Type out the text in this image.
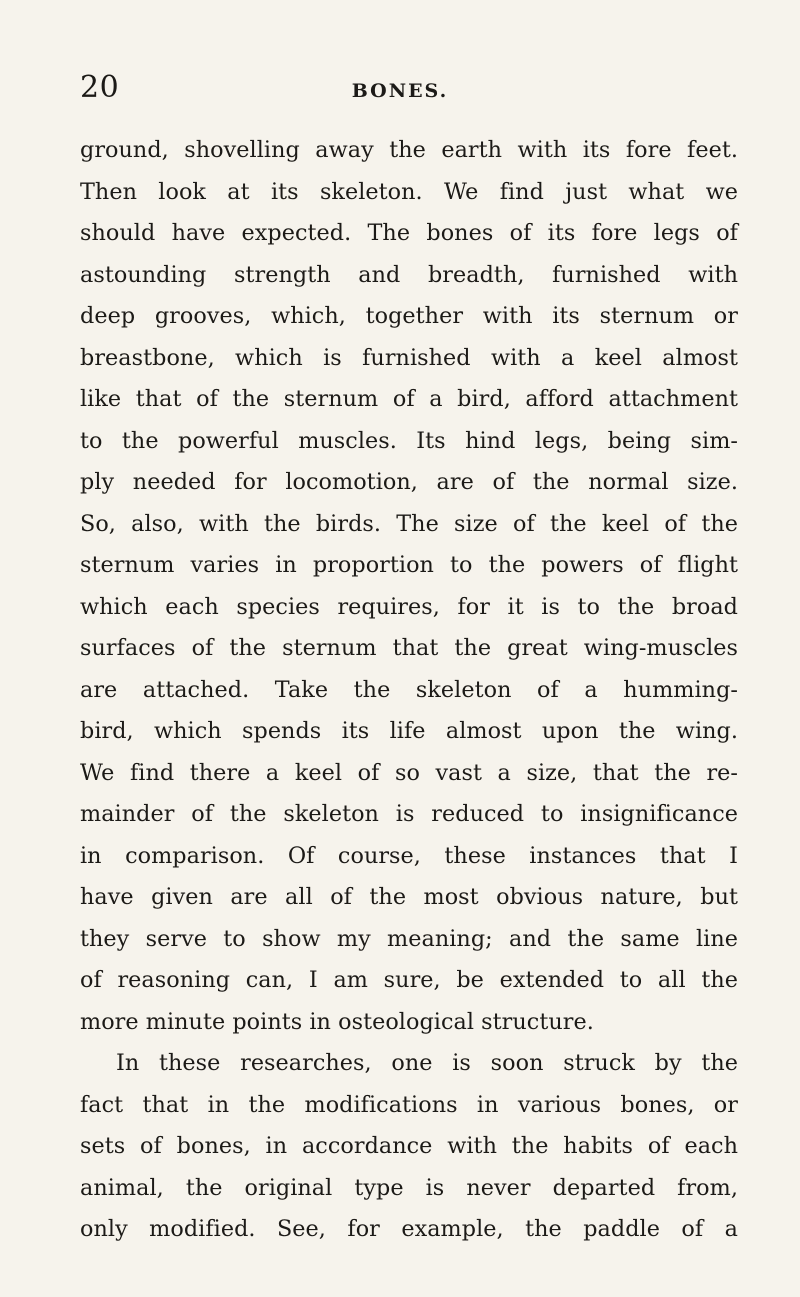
20	BONES.
ground, shovelling away the earth with its fore feet.
Then look at its skeleton. We find just what we
should have expected. The bones of its fore legs of
astounding strength and breadth, furnished with
deep grooves, which, together with its sternum or
breastbone, which is furnished with a keel almost
like that of the sternum of a bird, afford attachment
to the powerful muscles. Its hind legs, being sim-
ply needed for locomotion, are of the normal size.
So, also, with the birds. The size of the keel of the
sternum varies in proportion to the powers of flight
which each species requires, for it is to the broad
surfaces of the sternum that the great wing-muscles
are attached. Take the skeleton of a humming-
bird, which spends its life almost upon the wing.
We find there a keel of so vast a size, that the re-
mainder of the skeleton is reduced to insignificance
in comparison. Of course, these instances that I
have given are all of the most obvious nature, but
they serve to show my meaning; and the same line
of reasoning can, I am sure, be extended to all the
more minute points in osteological structure.
In these researches, one is soon struck by the
fact that in the modifications in various bones, or
sets of bones, in accordance with the habits of each
animal, the original type is never departed from,
only modified. See, for example, the paddle of a
